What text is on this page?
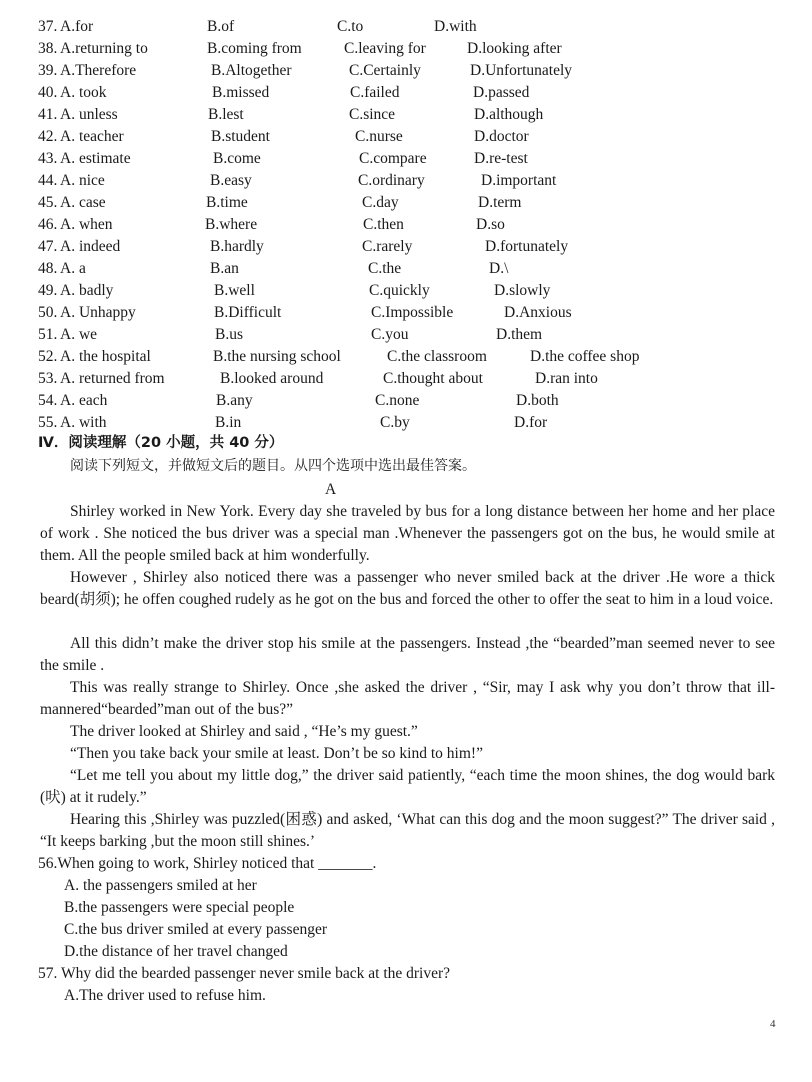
37. A.for	B.of	C.to	D.with
38. A.returning to	B.coming from	C.leaving for	D.looking after
39. A.Therefore	B.Altogether	C.Certainly	D.Unfortunately
40. A. took	B.missed	C.failed	D.passed
41. A. unless	B.lest	C.since	D.although
42. A. teacher	B.student	C.nurse	D.doctor
43. A. estimate	B.come	C.compare	D.re-test
44. A. nice	B.easy	C.ordinary	D.important
45. A. case	B.time	C.day	D.term
46. A. when	B.where	C.then	D.so
47. A. indeed	B.hardly	C.rarely	D.fortunately
48. A. a	B.an	C.the	D.\
49. A. badly	B.well	C.quickly	D.slowly
50. A. Unhappy	B.Difficult	C.Impossible	D.Anxious
51. A. we	B.us	C.you	D.them
52. A. the hospital	B.the nursing school	C.the classroom	D.the coffee shop
53. A. returned from	B.looked around	C.thought about	D.ran into
54. A. each	B.any	C.none	D.both
55. A. with	B.in	C.by	D.for
Ⅳ．阅读理解（20 小题，共 40 分）
阅读下列短文，并做短文后的题目。从四个选项中选出最佳答案。
A

Shirley worked in New York. Every day she traveled by bus for a long distance between her home and her place of work . She noticed the bus driver was a special man .Whenever the passengers got on the bus, he would smile at them. All the people smiled back at him wonderfully.

However , Shirley also noticed there was a passenger who never smiled back at the driver .He wore a thick beard(胡须); he offen coughed rudely as he got on the bus and forced the other to offer the seat to him in a loud voice.

All this didn’t make the driver stop his smile at the passengers. Instead ,the “bearded”man seemed never to see the smile .

This was really strange to Shirley. Once ,she asked the driver , “Sir, may I ask why you don’t throw that ill-mannered“bearded”man out of the bus?”

The driver looked at Shirley and said , “He’s my guest.”

“Then you take back your smile at least. Don’t be so kind to him!”

“Let me tell you about my little dog,” the driver said patiently, “each time the moon shines, the dog would bark (吠) at it rudely.”

Hearing this ,Shirley was puzzled(困惑) and asked, ‘What can this dog and the moon suggest?” The driver said , “It keeps barking ,but the moon still shines.’

56.When going to work, Shirley noticed that _______.
A. the passengers smiled at her
B.the passengers were special people
C.the bus driver smiled at every passenger
D.the distance of her travel changed
57. Why did the bearded passenger never smile back at the driver?
A.The driver used to refuse him.
4
